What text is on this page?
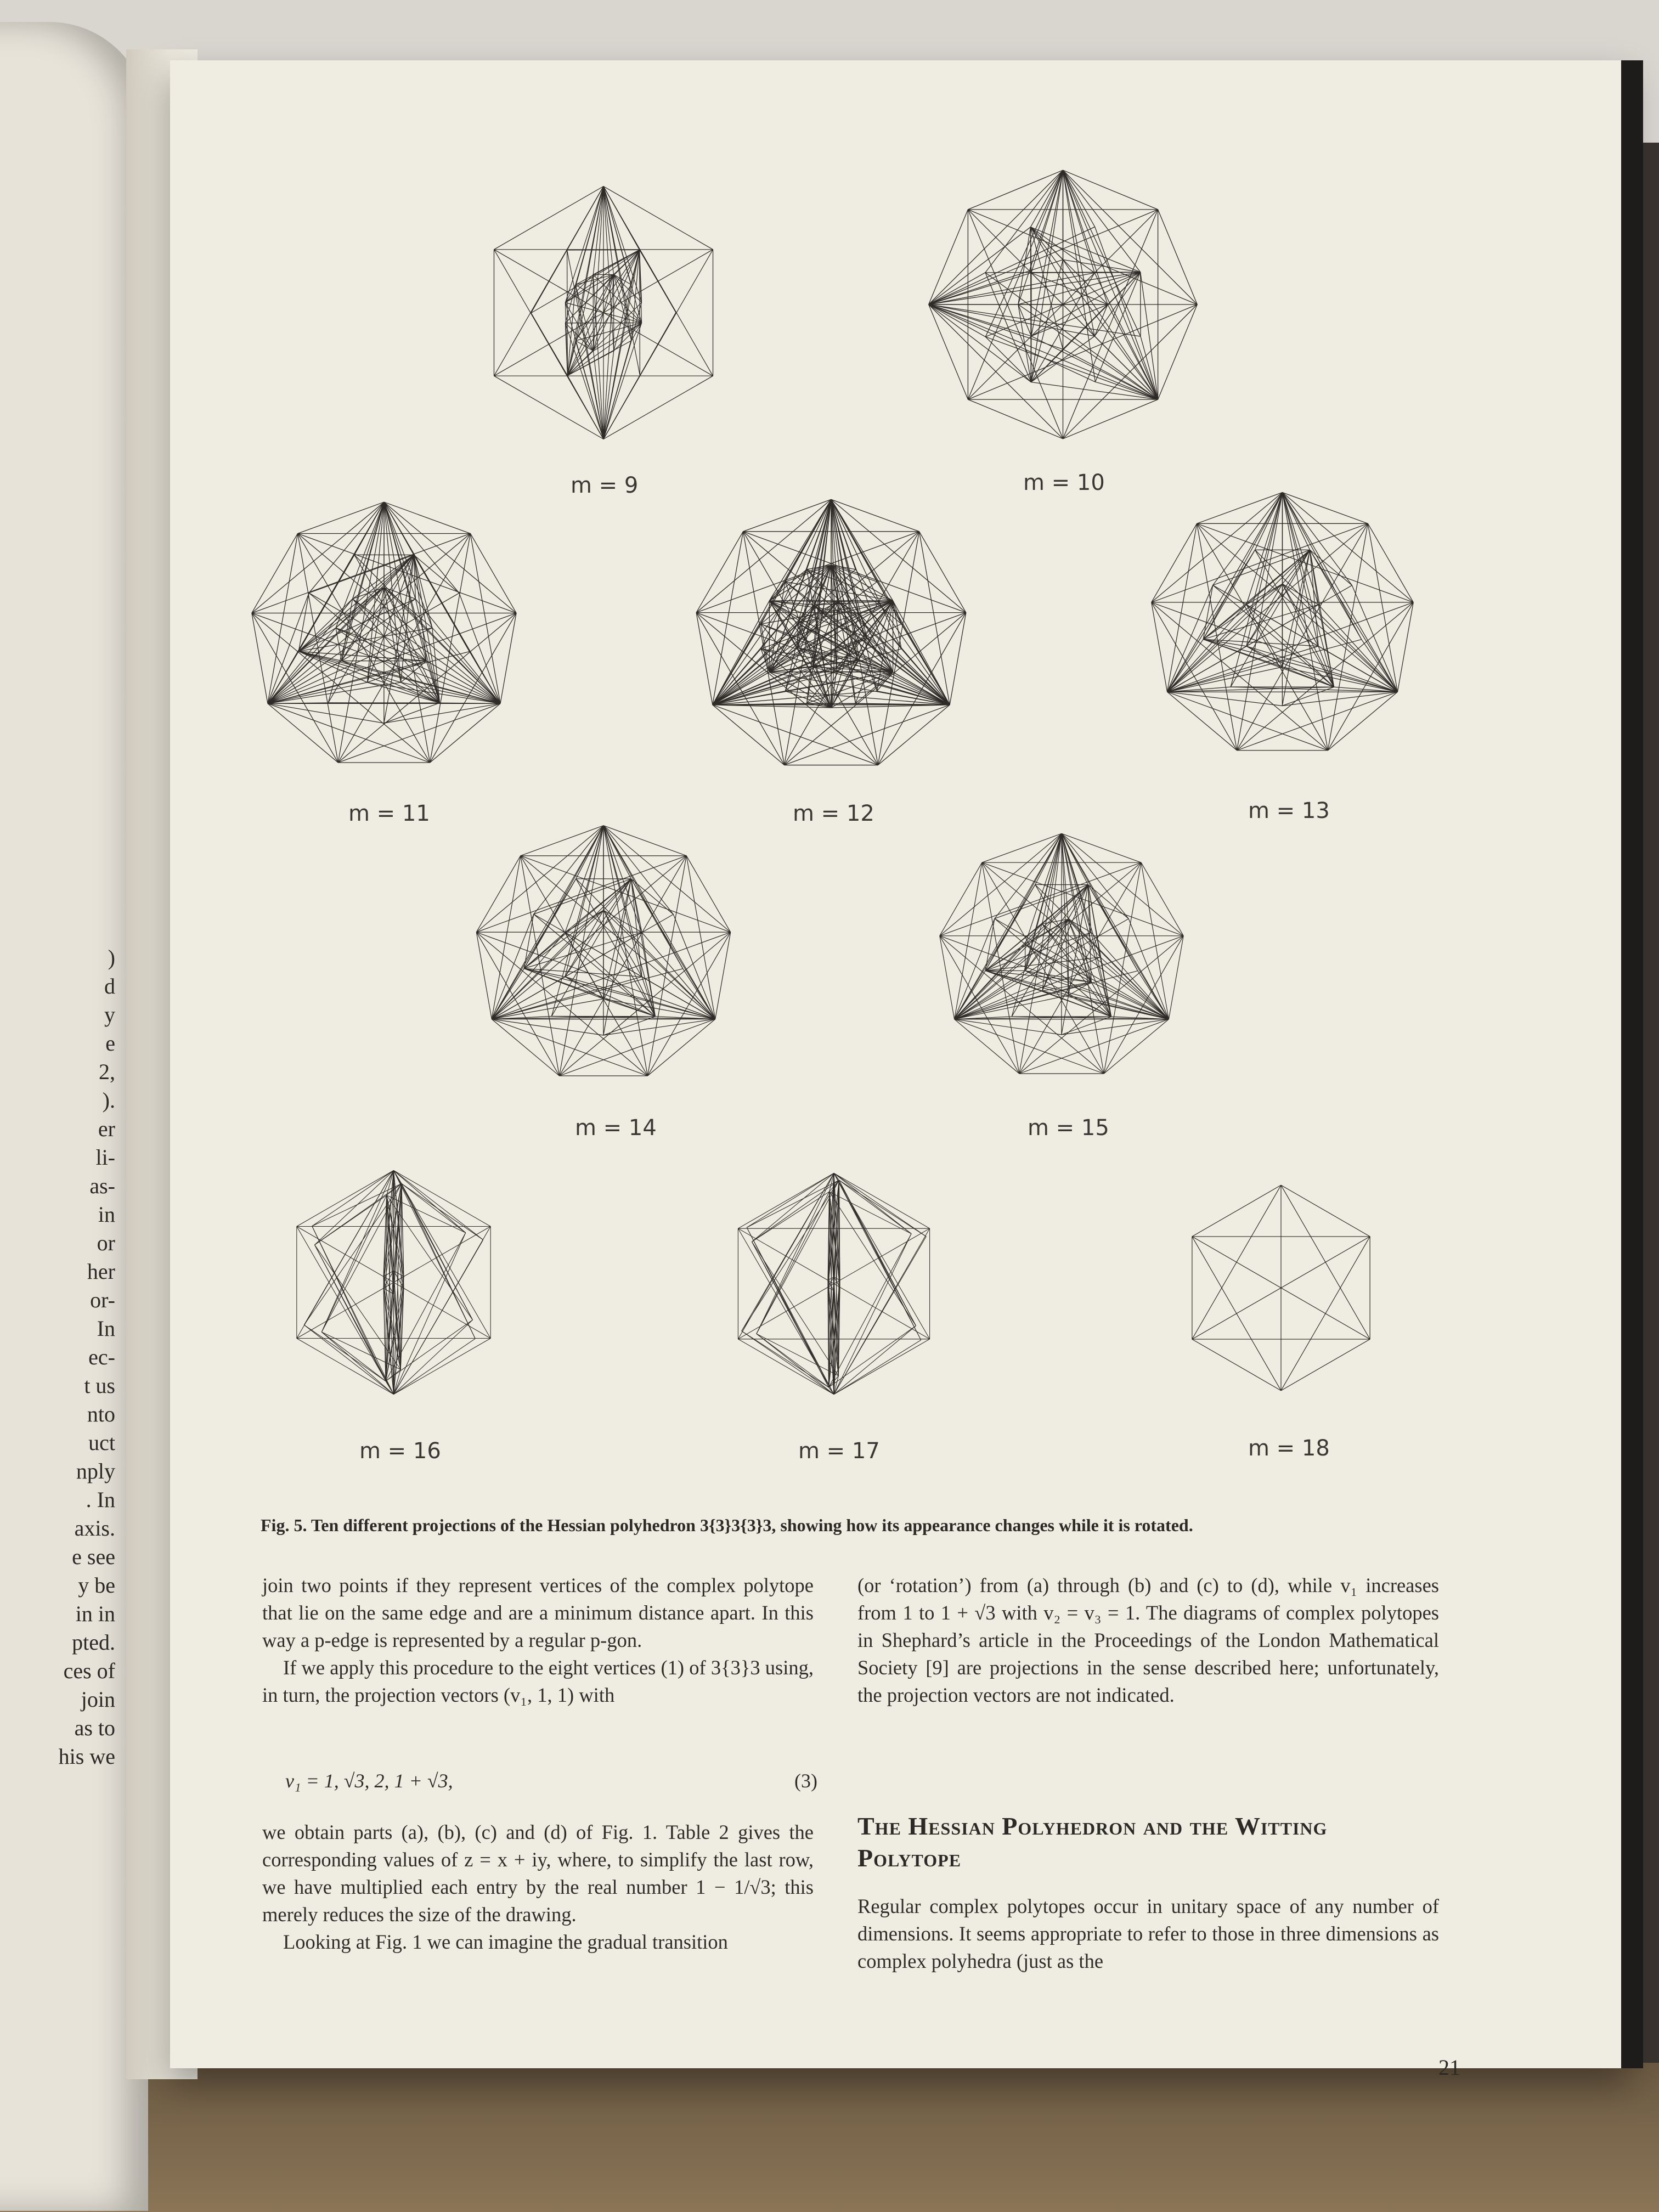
)
d
y
e
2,
).
er
li-
as-
in
or
her
or-
In
ec-
t us
nto
uct
nply
. In
axis.
e see
y be
in in
pted.
ces of
join
as to
his we
m = 9	m = 10
m = 11	m = 12	m = 13
m = 14	m = 15
m = 16	m = 17	m = 18
Fig. 5. Ten different projections of the Hessian polyhedron 3{3}3{3}3, showing how its appearance changes while it is rotated.

join two points if they represent vertices of the complex polytope that lie on the same edge and are a minimum distance apart. In this way a p-edge is represented by a regular p-gon.

If we apply this procedure to the eight vertices (1) of 3{3}3 using, in turn, the projection vectors (v₁, 1, 1) with

v₁ = 1, √3, 2, 1 + √3,	(3)

we obtain parts (a), (b), (c) and (d) of Fig. 1. Table 2 gives the corresponding values of z = x + iy, where, to simplify the last row, we have multiplied each entry by the real number 1 − 1/√3; this merely reduces the size of the drawing.

Looking at Fig. 1 we can imagine the gradual transition

(or ‘rotation’) from (a) through (b) and (c) to (d), while v₁ increases from 1 to 1 + √3 with v₂ = v₃ = 1. The diagrams of complex polytopes in Shephard’s article in the Proceedings of the London Mathematical Society [9] are projections in the sense described here; unfortunately, the projection vectors are not indicated.

The Hessian Polyhedron and the Witting Polytope

Regular complex polytopes occur in unitary space of any number of dimensions. It seems appropriate to refer to those in three dimensions as complex polyhedra (just as the

21
